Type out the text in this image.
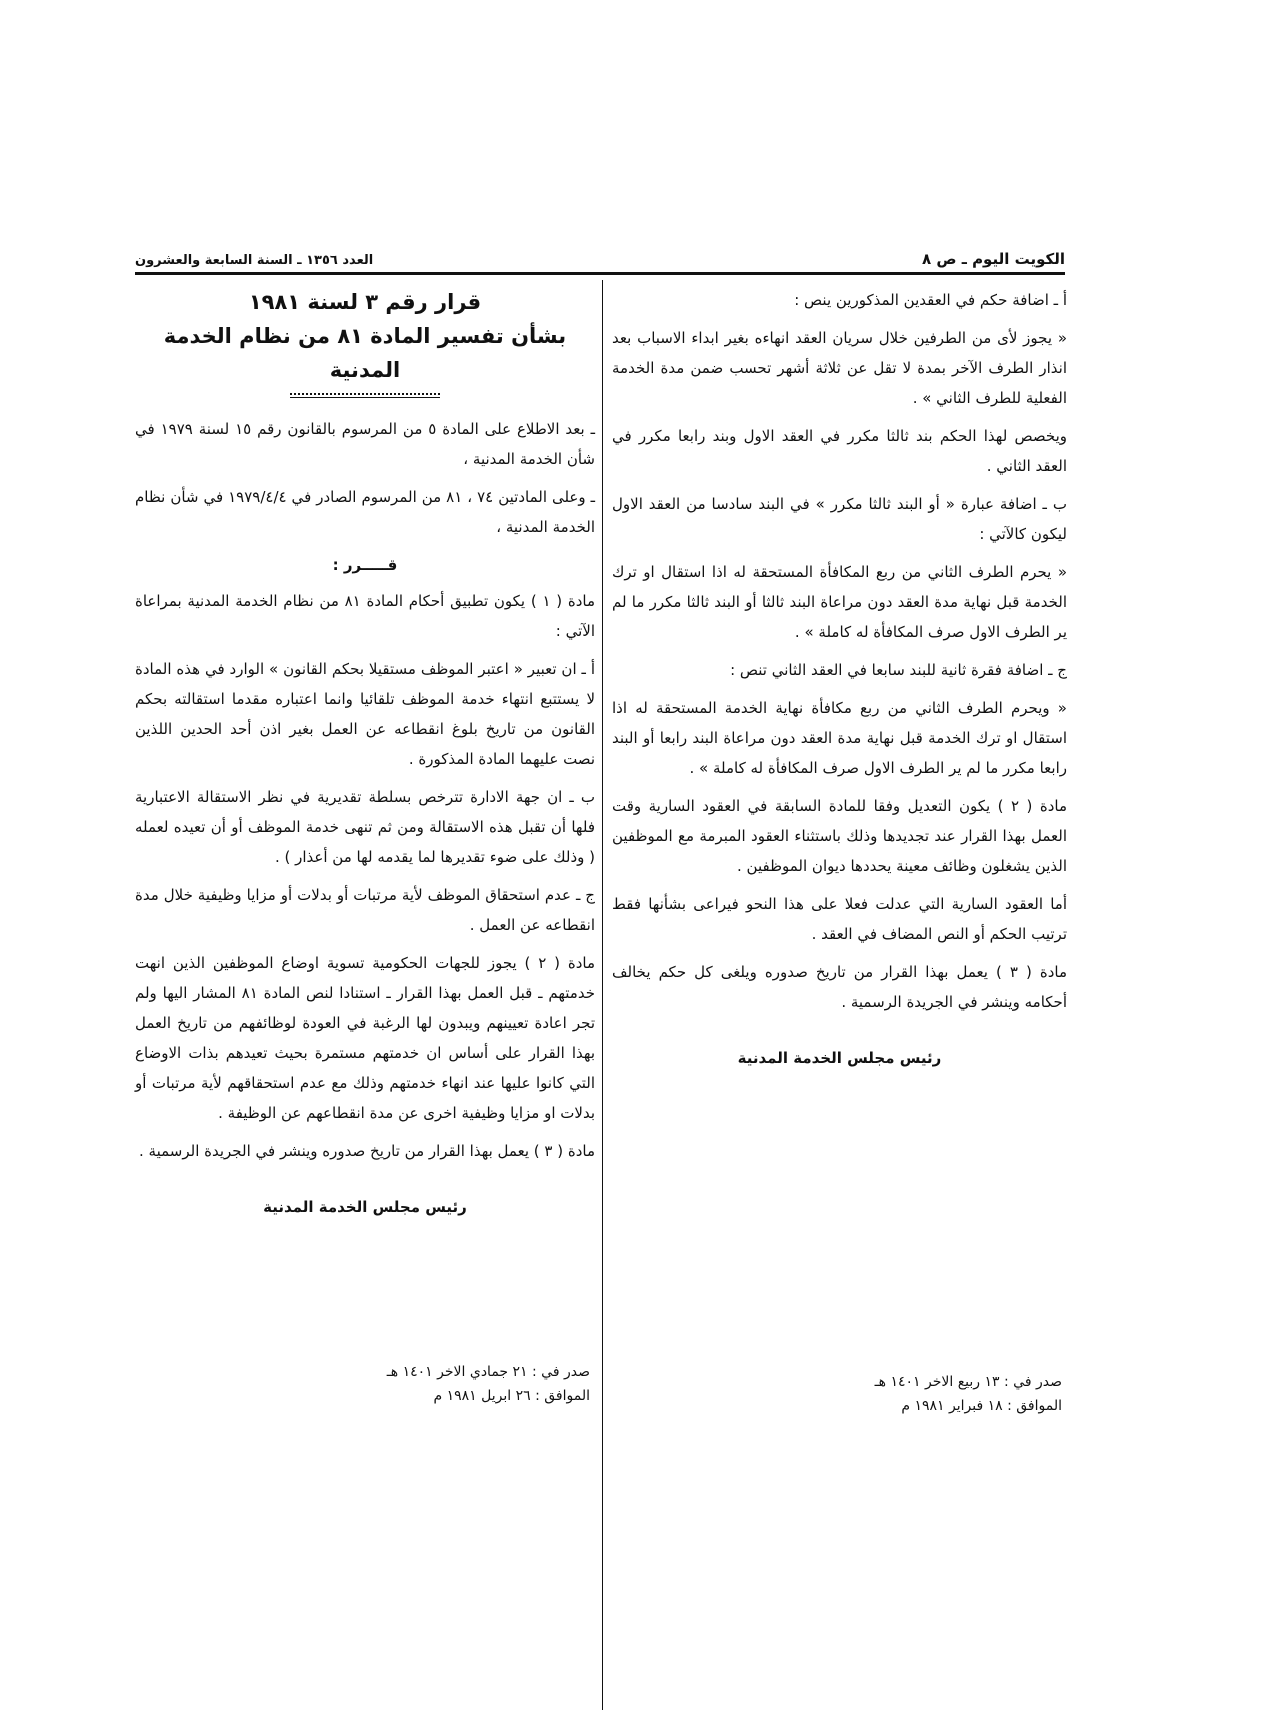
الكويت اليوم ـ ص ٨
العدد ١٣٥٦ ـ السنة السابعة والعشرون

أ ـ اضافة حكم في العقدين المذكورين ينص :

« يجوز لأى من الطرفين خلال سريان العقد انهاءه بغير ابداء الاسباب بعد انذار الطرف الآخر بمدة لا تقل عن ثلاثة أشهر تحسب ضمن مدة الخدمة الفعلية للطرف الثاني » .

ويخصص لهذا الحكم بند ثالثا مكرر في العقد الاول وبند رابعا مكرر في العقد الثاني .

ب ـ اضافة عبارة « أو البند ثالثا مكرر » في البند سادسا من العقد الاول ليكون كالآتي :

« يحرم الطرف الثاني من ربع المكافأة المستحقة له اذا استقال او ترك الخدمة قبل نهاية مدة العقد دون مراعاة البند ثالثا أو البند ثالثا مكرر ما لم ير الطرف الاول صرف المكافأة له كاملة » .

ج ـ اضافة فقرة ثانية للبند سابعا في العقد الثاني تنص :

« ويحرم الطرف الثاني من ربع مكافأة نهاية الخدمة المستحقة له اذا استقال او ترك الخدمة قبل نهاية مدة العقد دون مراعاة البند رابعا أو البند رابعا مكرر ما لم ير الطرف الاول صرف المكافأة له كاملة » .

مادة ( ٢ ) يكون التعديل وفقا للمادة السابقة في العقود السارية وقت العمل بهذا القرار عند تجديدها وذلك باستثناء العقود المبرمة مع الموظفين الذين يشغلون وظائف معينة يحددها ديوان الموظفين .

أما العقود السارية التي عدلت فعلا على هذا النحو فيراعى بشأنها فقط ترتيب الحكم أو النص المضاف في العقد .

مادة ( ٣ ) يعمل بهذا القرار من تاريخ صدوره ويلغى كل حكم يخالف أحكامه وينشر في الجريدة الرسمية .

رئيس مجلس الخدمة المدنية

قرار رقم ٣ لسنة ١٩٨١

بشأن تفسير المادة ٨١ من نظام الخدمة المدنية

ـ بعد الاطلاع على المادة ٥ من المرسوم بالقانون رقم ١٥ لسنة ١٩٧٩ في شأن الخدمة المدنية ،

ـ وعلى المادتين ٧٤ ، ٨١ من المرسوم الصادر في ١٩٧٩/٤/٤ في شأن نظام الخدمة المدنية ،

قـــــرر :

مادة ( ١ ) يكون تطبيق أحكام المادة ٨١ من نظام الخدمة المدنية بمراعاة الآتي :

أ ـ ان تعبير « اعتبر الموظف مستقيلا بحكم القانون » الوارد في هذه المادة لا يستتبع انتهاء خدمة الموظف تلقائيا وانما اعتباره مقدما استقالته بحكم القانون من تاريخ بلوغ انقطاعه عن العمل بغير اذن أحد الحدين اللذين نصت عليهما المادة المذكورة .

ب ـ ان جهة الادارة تترخص بسلطة تقديرية في نظر الاستقالة الاعتبارية فلها أن تقبل هذه الاستقالة ومن ثم تنهى خدمة الموظف أو أن تعيده لعمله ( وذلك على ضوء تقديرها لما يقدمه لها من أعذار ) .

ج ـ عدم استحقاق الموظف لأية مرتبات أو بدلات أو مزايا وظيفية خلال مدة انقطاعه عن العمل .

مادة ( ٢ ) يجوز للجهات الحكومية تسوية اوضاع الموظفين الذين انهت خدمتهم ـ قبل العمل بهذا القرار ـ استنادا لنص المادة ٨١ المشار اليها ولم تجر اعادة تعيينهم ويبدون لها الرغبة في العودة لوظائفهم من تاريخ العمل بهذا القرار على أساس ان خدمتهم مستمرة بحيث تعيدهم بذات الاوضاع التي كانوا عليها عند انهاء خدمتهم وذلك مع عدم استحقاقهم لأية مرتبات أو بدلات او مزايا وظيفية اخرى عن مدة انقطاعهم عن الوظيفة .

مادة ( ٣ ) يعمل بهذا القرار من تاريخ صدوره وينشر في الجريدة الرسمية .

رئيس مجلس الخدمة المدنية

صدر في : ١٣ ربيع الاخر ١٤٠١ هـ
الموافق : ١٨ فبراير ١٩٨١ م
صدر في : ٢١ جمادي الاخر ١٤٠١ هـ
الموافق : ٢٦ ابريل ١٩٨١ م
